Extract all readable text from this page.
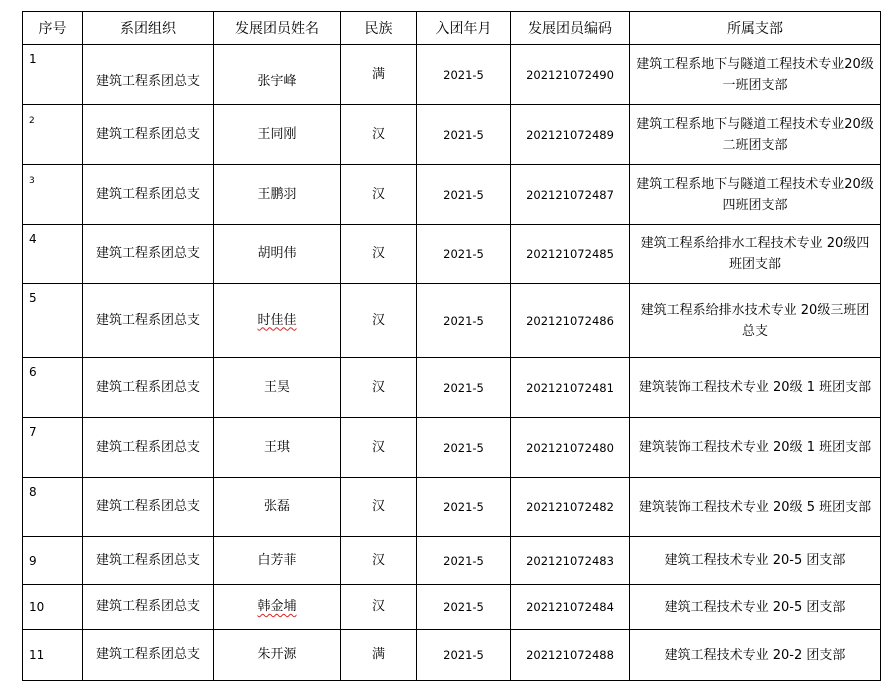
序号	系团组织	发展团员姓名	民族	入团年月	发展团员编码	所属支部
1	建筑工程系团总支	张宇峰	满	2021-5	202121072490	建筑工程系地下与隧道工程技术专业20级一班团支部
2	建筑工程系团总支	王同刚	汉	2021-5	202121072489	建筑工程系地下与隧道工程技术专业20级二班团支部
3	建筑工程系团总支	王鹏羽	汉	2021-5	202121072487	建筑工程系地下与隧道工程技术专业20级四班团支部
4	建筑工程系团总支	胡明伟	汉	2021-5	202121072485	建筑工程系给排水工程技术专业 20级四班团支部
5	建筑工程系团总支	时佳佳	汉	2021-5	202121072486	建筑工程系给排水技术专业 20级三班团总支
6	建筑工程系团总支	王昊	汉	2021-5	202121072481	建筑装饰工程技术专业 20级 1 班团支部
7	建筑工程系团总支	王琪	汉	2021-5	202121072480	建筑装饰工程技术专业 20级 1 班团支部
8	建筑工程系团总支	张磊	汉	2021-5	202121072482	建筑装饰工程技术专业 20级 5 班团支部
9	建筑工程系团总支	白芳菲	汉	2021-5	202121072483	建筑工程技术专业 20-5 团支部
10	建筑工程系团总支	韩金埔	汉	2021-5	202121072484	建筑工程技术专业 20-5 团支部
11	建筑工程系团总支	朱开源	满	2021-5	202121072488	建筑工程技术专业 20-2 团支部
